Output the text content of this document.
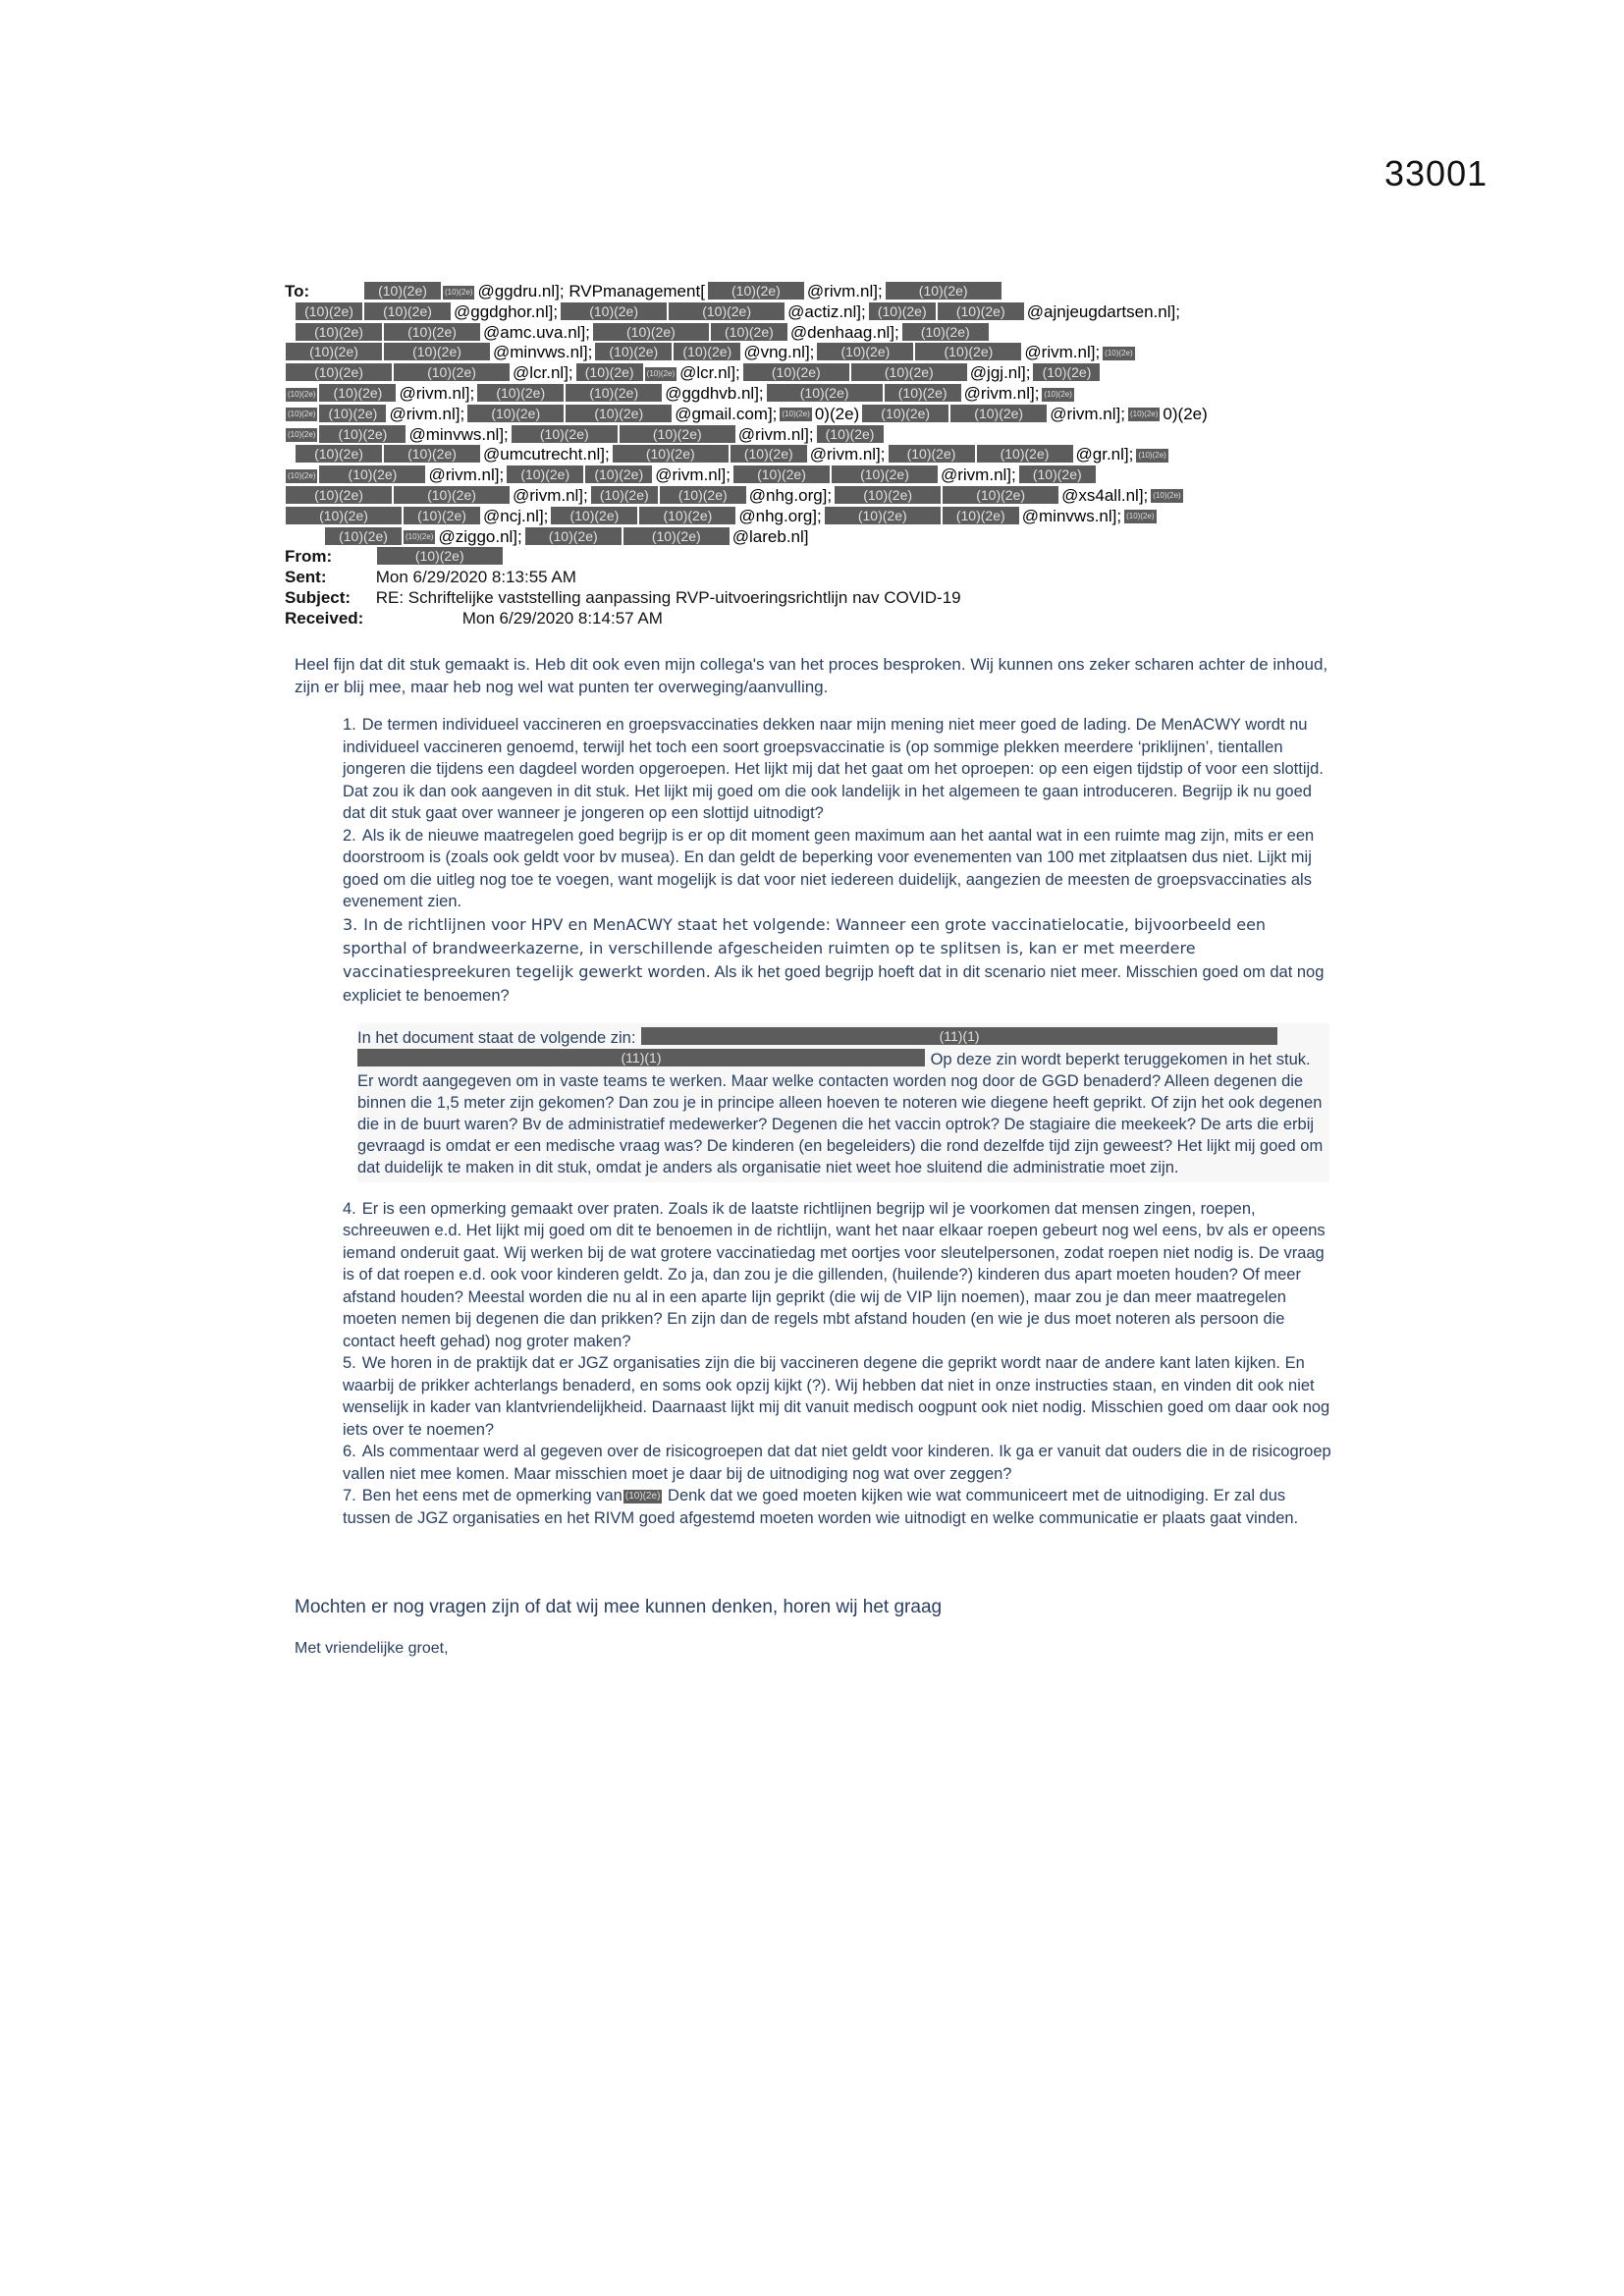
33001
To:	(10)(2e) (10)(2e) @ggdru.nl]; RVPmanagement[ (10)(2e) @rivm.nl];	(10)(2e)
(10)(2e) (10)(2e) @ggdghor.nl]; (10)(2e)	(10)(2e) @actiz.nl]; (10)(2e) (10)(2e) @ajnjeugdartsen.nl];
(10)(2e)	(10)(2e) @amc.uva.nl];	(10)(2e)	(10)(2e) @denhaag.nl]; (10)(2e)
(10)(2e)	(10)(2e) @minvws.nl]; (10)(2e) (10)(2e) @vng.nl]; (10)(2e)	(10)(2e) @rivm.nl]; (10)(2e)
(10)(2e)	(10)(2e) @lcr.nl]; (10)(2e) (10)(2e) @lcr.nl]; (10)(2e)	(10)(2e) @jgj.nl]; (10)(2e)
(10)(2e) (10)(2e) @rivm.nl]; (10)(2e)	(10)(2e) @ggdhvb.nl];	(10)(2e)	(10)(2e) @rivm.nl]; (10)(2e)
(10)(2e) (10)(2e) @rivm.nl]; (10)(2e)	(10)(2e) @gmail.com]; (10)(2e) 0)(2e) (10)(2e)	(10)(2e) @rivm.nl]; (10)(2e) 0)(2e)
(10)(2e) (10)(2e) @minvws.nl]; (10)(2e)	(10)(2e) @rivm.nl]; (10)(2e)
(10)(2e)	(10)(2e) @umcutrecht.nl];	(10)(2e)	(10)(2e) @rivm.nl]; (10)(2e)	(10)(2e) @gr.nl]; (10)(2e)
(10)(2e) (10)(2e) @rivm.nl]; (10)(2e) (10)(2e) @rivm.nl]; (10)(2e)	(10)(2e) @rivm.nl]; (10)(2e)
(10)(2e)	(10)(2e) @rivm.nl]; (10)(2e) (10)(2e) @nhg.org]; (10)(2e)	(10)(2e) @xs4all.nl]; (10)(2e)
(10)(2e)	(10)(2e) @ncj.nl]; (10)(2e)	(10)(2e) @nhg.org];	(10)(2e)	(10)(2e) @minvws.nl]; (10)(2e)
(10)(2e) (10)(2e) @ziggo.nl]; (10)(2e)	(10)(2e) @lareb.nl]
From:	(10)(2e)
Sent:	Mon 6/29/2020 8:13:55 AM
Subject: RE: Schriftelijke vaststelling aanpassing RVP-uitvoeringsrichtlijn nav COVID-19
Received:	Mon 6/29/2020 8:14:57 AM

Heel fijn dat dit stuk gemaakt is. Heb dit ook even mijn collega's van het proces besproken. Wij kunnen ons zeker scharen achter de inhoud, zijn er blij mee, maar heb nog wel wat punten ter overweging/aanvulling.

1. De termen individueel vaccineren en groepsvaccinaties dekken naar mijn mening niet meer goed de lading. De MenACWY wordt nu individueel vaccineren genoemd, terwijl het toch een soort groepsvaccinatie is (op sommige plekken meerdere ‘priklijnen’, tientallen jongeren die tijdens een dagdeel worden opgeroepen. Het lijkt mij dat het gaat om het oproepen: op een eigen tijdstip of voor een slottijd. Dat zou ik dan ook aangeven in dit stuk. Het lijkt mij goed om die ook landelijk in het algemeen te gaan introduceren. Begrijp ik nu goed dat dit stuk gaat over wanneer je jongeren op een slottijd uitnodigt?

2. Als ik de nieuwe maatregelen goed begrijp is er op dit moment geen maximum aan het aantal wat in een ruimte mag zijn, mits er een doorstroom is (zoals ook geldt voor bv musea). En dan geldt de beperking voor evenementen van 100 met zitplaatsen dus niet. Lijkt mij goed om die uitleg nog toe te voegen, want mogelijk is dat voor niet iedereen duidelijk, aangezien de meesten de groepsvaccinaties als evenement zien.

3. In de richtlijnen voor HPV en MenACWY staat het volgende: Wanneer een grote vaccinatielocatie, bijvoorbeeld een sporthal of brandweerkazerne, in verschillende afgescheiden ruimten op te splitsen is, kan er met meerdere vaccinatiespreekuren tegelijk gewerkt worden. Als ik het goed begrijp hoeft dat in dit scenario niet meer. Misschien goed om dat nog expliciet te benoemen?

In het document staat de volgende zin:	(11)(1)
(11)(1)	Op deze zin wordt beperkt teruggekomen in het stuk. Er wordt aangegeven om in vaste teams te werken. Maar welke contacten worden nog door de GGD benaderd? Alleen degenen die binnen die 1,5 meter zijn gekomen? Dan zou je in principe alleen hoeven te noteren wie diegene heeft geprikt. Of zijn het ook degenen die in de buurt waren? Bv de administratief medewerker? Degenen die het vaccin optrok? De stagiaire die meekeek? De arts die erbij gevraagd is omdat er een medische vraag was? De kinderen (en begeleiders) die rond dezelfde tijd zijn geweest? Het lijkt mij goed om dat duidelijk te maken in dit stuk, omdat je anders als organisatie niet weet hoe sluitend die administratie moet zijn.

4. Er is een opmerking gemaakt over praten. Zoals ik de laatste richtlijnen begrijp wil je voorkomen dat mensen zingen, roepen, schreeuwen e.d. Het lijkt mij goed om dit te benoemen in de richtlijn, want het naar elkaar roepen gebeurt nog wel eens, bv als er opeens iemand onderuit gaat. Wij werken bij de wat grotere vaccinatiedag met oortjes voor sleutelpersonen, zodat roepen niet nodig is. De vraag is of dat roepen e.d. ook voor kinderen geldt. Zo ja, dan zou je die gillenden, (huilende?) kinderen dus apart moeten houden? Of meer afstand houden? Meestal worden die nu al in een aparte lijn geprikt (die wij de VIP lijn noemen), maar zou je dan meer maatregelen moeten nemen bij degenen die dan prikken? En zijn dan de regels mbt afstand houden (en wie je dus moet noteren als persoon die contact heeft gehad) nog groter maken?

5. We horen in de praktijk dat er JGZ organisaties zijn die bij vaccineren degene die geprikt wordt naar de andere kant laten kijken. En waarbij de prikker achterlangs benaderd, en soms ook opzij kijkt (?). Wij hebben dat niet in onze instructies staan, en vinden dit ook niet wenselijk in kader van klantvriendelijkheid. Daarnaast lijkt mij dit vanuit medisch oogpunt ook niet nodig. Misschien goed om daar ook nog iets over te noemen?

6. Als commentaar werd al gegeven over de risicogroepen dat dat niet geldt voor kinderen. Ik ga er vanuit dat ouders die in de risicogroep vallen niet mee komen. Maar misschien moet je daar bij de uitnodiging nog wat over zeggen?

7. Ben het eens met de opmerking van (10)(2e) Denk dat we goed moeten kijken wie wat communiceert met de uitnodiging. Er zal dus tussen de JGZ organisaties en het RIVM goed afgestemd moeten worden wie uitnodigt en welke communicatie er plaats gaat vinden.

Mochten er nog vragen zijn of dat wij mee kunnen denken, horen wij het graag
Met vriendelijke groet,
